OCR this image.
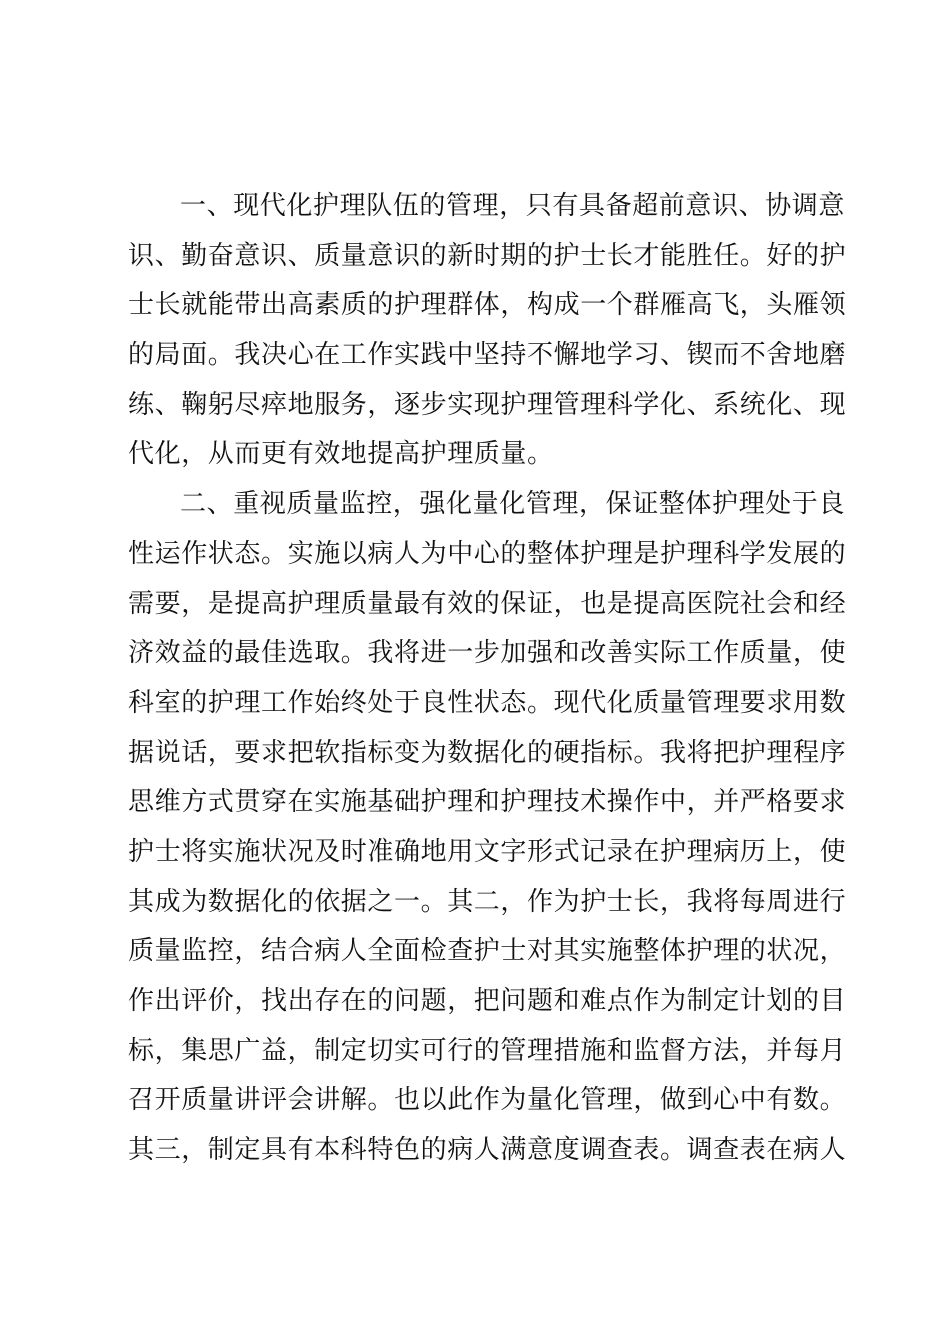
一、现代化护理队伍的管理，只有具备超前意识、协调意
识、勤奋意识、质量意识的新时期的护士长才能胜任。好的护
士长就能带出高素质的护理群体，构成一个群雁高飞，头雁领
的局面。我决心在工作实践中坚持不懈地学习、锲而不舍地磨
练、鞠躬尽瘁地服务，逐步实现护理管理科学化、系统化、现
代化，从而更有效地提高护理质量。
二、重视质量监控，强化量化管理，保证整体护理处于良
性运作状态。实施以病人为中心的整体护理是护理科学发展的
需要，是提高护理质量最有效的保证，也是提高医院社会和经
济效益的最佳选取。我将进一步加强和改善实际工作质量，使
科室的护理工作始终处于良性状态。现代化质量管理要求用数
据说话，要求把软指标变为数据化的硬指标。我将把护理程序
思维方式贯穿在实施基础护理和护理技术操作中，并严格要求
护士将实施状况及时准确地用文字形式记录在护理病历上，使
其成为数据化的依据之一。其二，作为护士长，我将每周进行
质量监控，结合病人全面检查护士对其实施整体护理的状况，
作出评价，找出存在的问题，把问题和难点作为制定计划的目
标，集思广益，制定切实可行的管理措施和监督方法，并每月
召开质量讲评会讲解。也以此作为量化管理，做到心中有数。
其三，制定具有本科特色的病人满意度调查表。调查表在病人
